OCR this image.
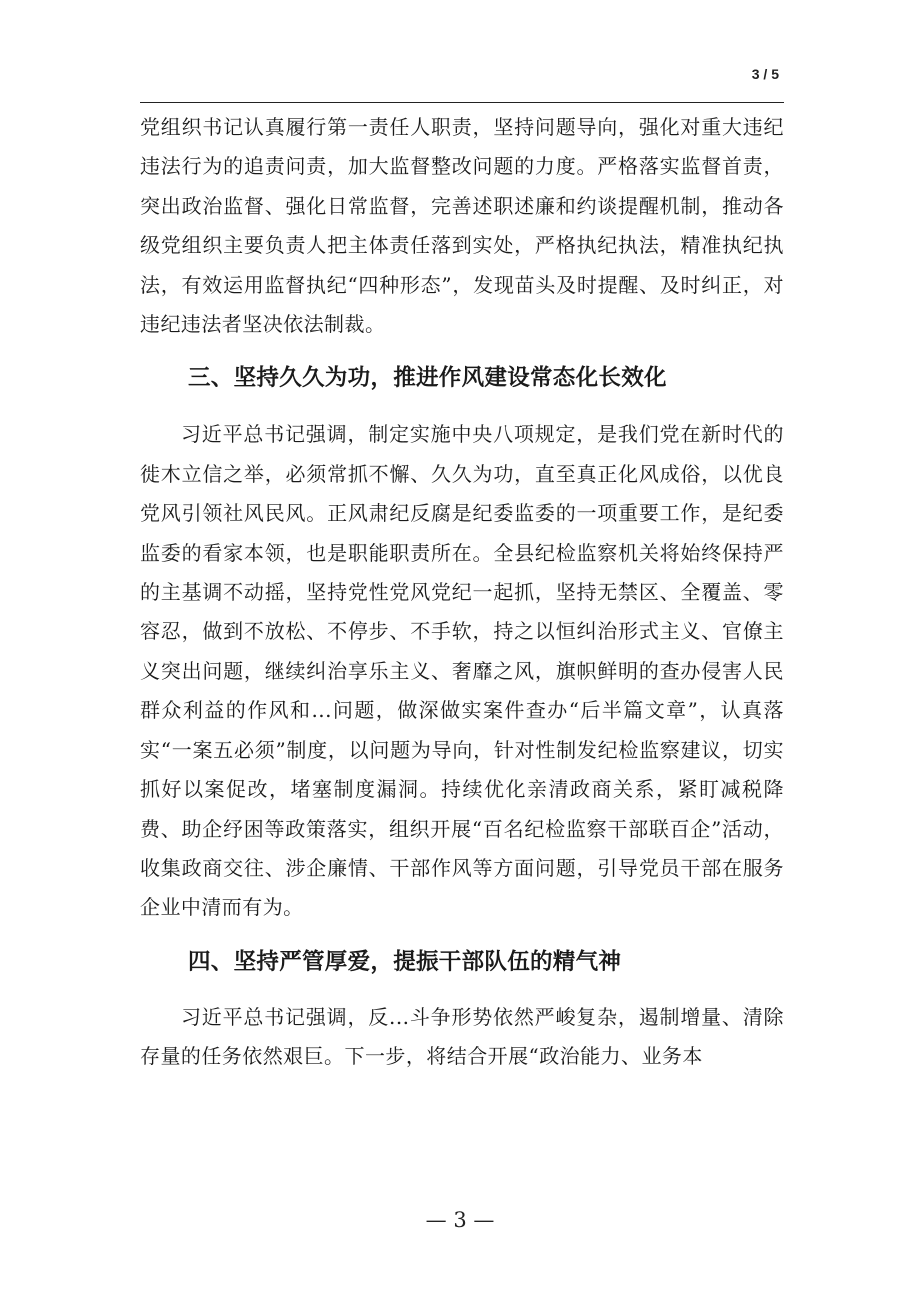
3 / 5

党组织书记认真履行第一责任人职责，坚持问题导向，强化对重大违纪违法行为的追责问责，加大监督整改问题的力度。严格落实监督首责，突出政治监督、强化日常监督，完善述职述廉和约谈提醒机制，推动各级党组织主要负责人把主体责任落到实处，严格执纪执法，精准执纪执法，有效运用监督执纪“四种形态”，发现苗头及时提醒、及时纠正，对违纪违法者坚决依法制裁。

三、坚持久久为功，推进作风建设常态化长效化

习近平总书记强调，制定实施中央八项规定，是我们党在新时代的徙木立信之举，必须常抓不懈、久久为功，直至真正化风成俗，以优良党风引领社风民风。正风肃纪反腐是纪委监委的一项重要工作，是纪委监委的看家本领，也是职能职责所在。全县纪检监察机关将始终保持严的主基调不动摇，坚持党性党风党纪一起抓，坚持无禁区、全覆盖、零容忍，做到不放松、不停步、不手软，持之以恒纠治形式主义、官僚主义突出问题，继续纠治享乐主义、奢靡之风，旗帜鲜明的查办侵害人民群众利益的作风和...问题，做深做实案件查办“后半篇文章”，认真落实“一案五必须”制度，以问题为导向，针对性制发纪检监察建议，切实抓好以案促改，堵塞制度漏洞。持续优化亲清政商关系，紧盯减税降费、助企纾困等政策落实，组织开展“百名纪检监察干部联百企”活动，收集政商交往、涉企廉情、干部作风等方面问题，引导党员干部在服务企业中清而有为。

四、坚持严管厚爱，提振干部队伍的精气神

习近平总书记强调，反...斗争形势依然严峻复杂，遏制增量、清除存量的任务依然艰巨。下一步，将结合开展“政治能力、业务本

— 3 —
